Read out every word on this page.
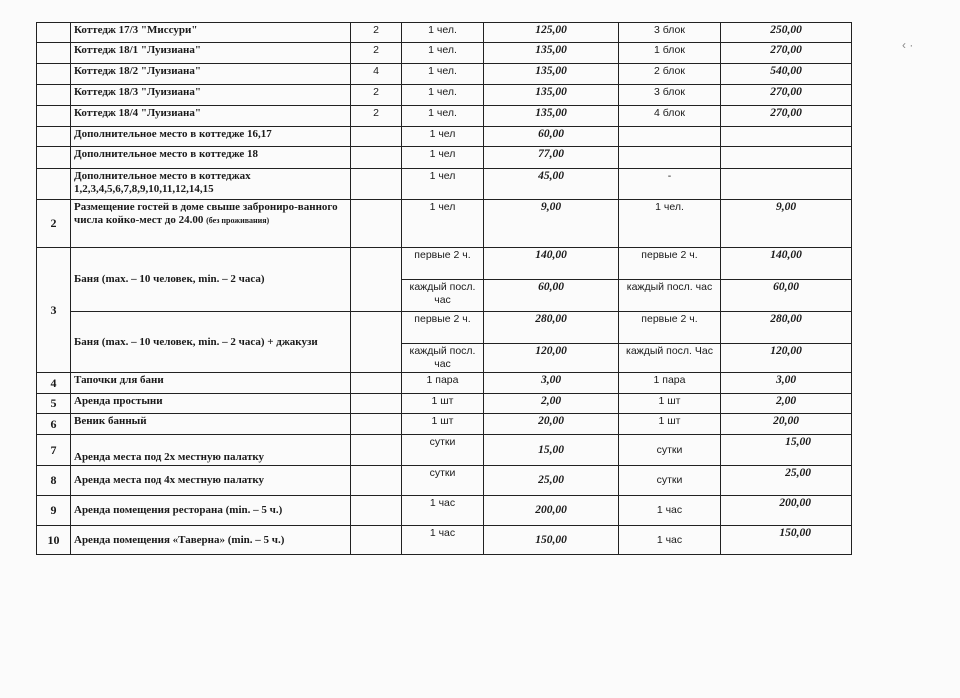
	Коттедж 17/3 "Миссури"	2	1 чел.	125,00	3 блок	250,00
	Коттедж 18/1 "Луизиана"	2	1 чел.	135,00	1 блок	270,00
	Коттедж 18/2 "Луизиана"	4	1 чел.	135,00	2 блок	540,00
	Коттедж 18/3 "Луизиана"	2	1 чел.	135,00	3 блок	270,00
	Коттедж 18/4 "Луизиана"	2	1 чел.	135,00	4 блок	270,00
	Дополнительное место в коттедже 16,17		1 чел	60,00		
	Дополнительное место в коттедже 18		1 чел	77,00		
	Дополнительное место в коттеджах 1,2,3,4,5,6,7,8,9,10,11,12,14,15		1 чел	45,00	-	
2	Размещение гостей в доме свыше заброниро-ванного числа койко-мест до 24.00 (без проживания)		1 чел	9,00	1 чел.	9,00
3	Баня (max. – 10 человек, min. – 2 часа)		первые 2 ч.	140,00	первые 2 ч.	140,00
			каждый посл. час	60,00	каждый посл. час	60,00
	Баня (max. – 10 человек, min. – 2 часа) + джакузи		первые 2 ч.	280,00	первые 2 ч.	280,00
			каждый посл. час	120,00	каждый посл. Час	120,00
4	Тапочки для бани		1 пара	3,00	1 пара	3,00
5	Аренда простыни		1 шт	2,00	1 шт	2,00
6	Веник банный		1 шт	20,00	1 шт	20,00
7	Аренда места под 2х местную палатку		сутки	15,00	сутки	15,00
8	Аренда места под 4х местную палатку		сутки	25,00	сутки	25,00
9	Аренда помещения ресторана (min. – 5 ч.)		1 час	200,00	1 час	200,00
10	Аренда помещения «Таверна» (min. – 5 ч.)		1 час	150,00	1 час	150,00
‹ ·
